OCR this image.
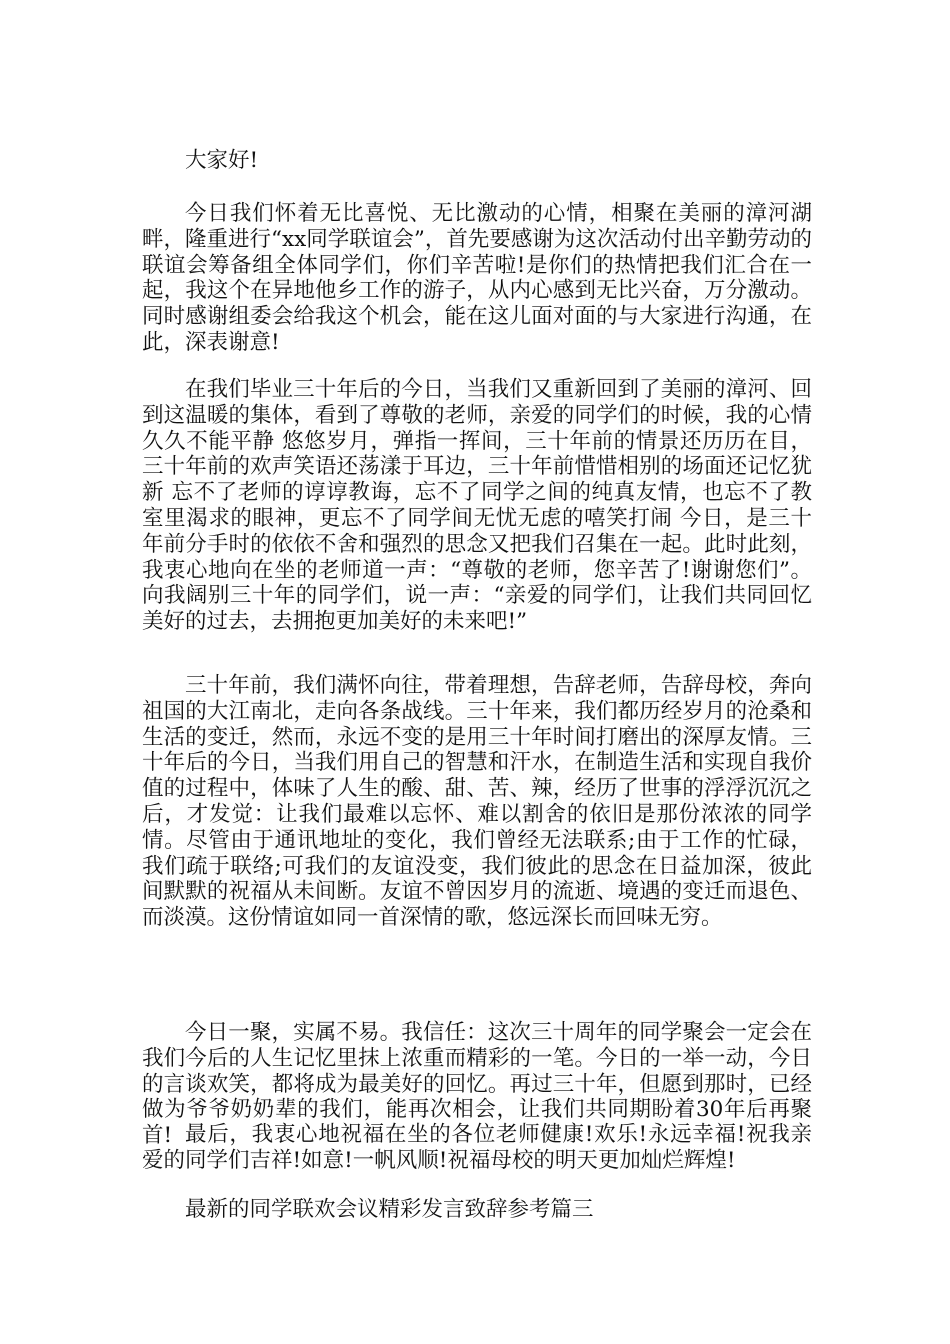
大家好!

今日我们怀着无比喜悦、无比激动的心情，相聚在美丽的漳河湖畔，隆重进行“xx同学联谊会”，首先要感谢为这次活动付出辛勤劳动的联谊会筹备组全体同学们，你们辛苦啦!是你们的热情把我们汇合在一起，我这个在异地他乡工作的游子，从内心感到无比兴奋，万分激动。同时感谢组委会给我这个机会，能在这儿面对面的与大家进行沟通，在此，深表谢意!

在我们毕业三十年后的今日，当我们又重新回到了美丽的漳河、回到这温暖的集体，看到了尊敬的老师，亲爱的同学们的时候，我的心情久久不能平静 悠悠岁月，弹指一挥间，三十年前的情景还历历在目，三十年前的欢声笑语还荡漾于耳边，三十年前惜惜相别的场面还记忆犹新 忘不了老师的谆谆教诲，忘不了同学之间的纯真友情，也忘不了教室里渴求的眼神，更忘不了同学间无忧无虑的嘻笑打闹 今日，是三十年前分手时的依依不舍和强烈的思念又把我们召集在一起。此时此刻，我衷心地向在坐的老师道一声：“尊敬的老师，您辛苦了!谢谢您们”。向我阔别三十年的同学们，说一声：“亲爱的同学们，让我们共同回忆美好的过去，去拥抱更加美好的未来吧!”

三十年前，我们满怀向往，带着理想，告辞老师，告辞母校，奔向祖国的大江南北，走向各条战线。三十年来，我们都历经岁月的沧桑和生活的变迁，然而，永远不变的是用三十年时间打磨出的深厚友情。三十年后的今日，当我们用自己的智慧和汗水，在制造生活和实现自我价值的过程中，体味了人生的酸、甜、苦、辣，经历了世事的浮浮沉沉之后，才发觉：让我们最难以忘怀、难以割舍的依旧是那份浓浓的同学情。尽管由于通讯地址的变化，我们曾经无法联系;由于工作的忙碌，我们疏于联络;可我们的友谊没变，我们彼此的思念在日益加深，彼此间默默的祝福从未间断。友谊不曾因岁月的流逝、境遇的变迁而退色、而淡漠。这份情谊如同一首深情的歌，悠远深长而回味无穷。

今日一聚，实属不易。我信任：这次三十周年的同学聚会一定会在我们今后的人生记忆里抹上浓重而精彩的一笔。今日的一举一动，今日的言谈欢笑，都将成为最美好的回忆。再过三十年，但愿到那时，已经做为爷爷奶奶辈的我们，能再次相会，让我们共同期盼着30年后再聚首! 最后，我衷心地祝福在坐的各位老师健康!欢乐!永远幸福!祝我亲爱的同学们吉祥!如意!一帆风顺!祝福母校的明天更加灿烂辉煌!

最新的同学联欢会议精彩发言致辞参考篇三
